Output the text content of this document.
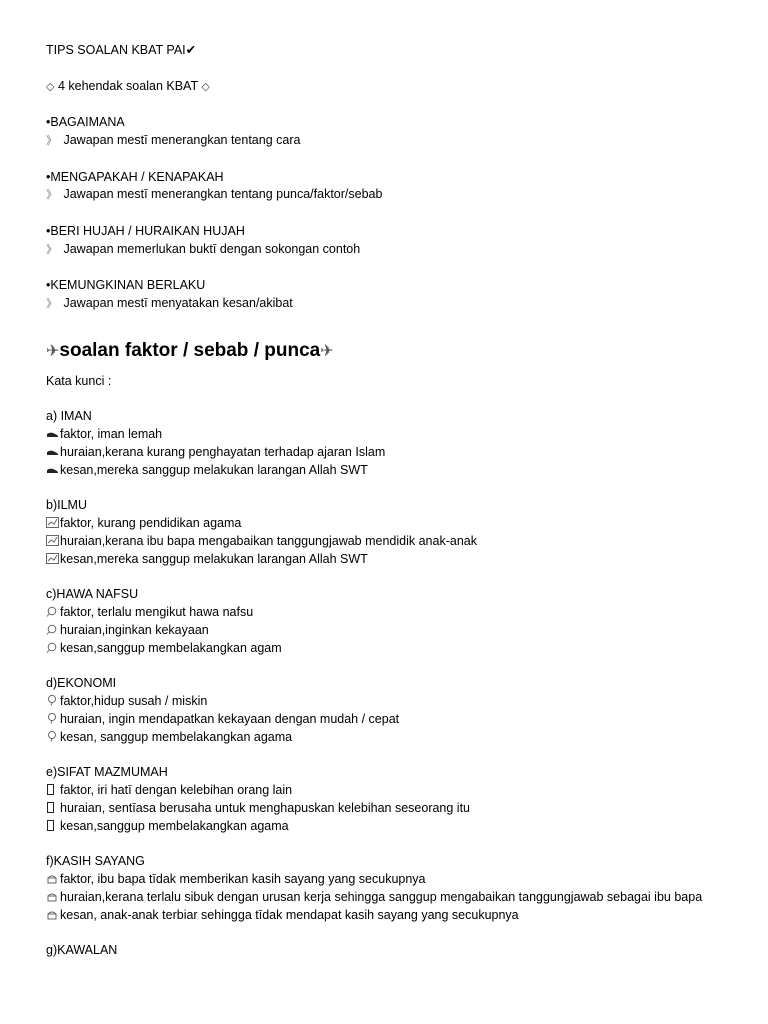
TIPS SOALAN KBAT PAI✔
◇ 4 kehendak soalan KBAT ◇
•BAGAIMANA
》 Jawapan mestī menerangkan tentang cara
•MENGAPAKAH / KENAPAKAH
》 Jawapan mestī menerangkan tentang punca/faktor/sebab
•BERI HUJAH / HURAIKAN HUJAH
》 Jawapan memerlukan buktī dengan sokongan contoh
•KEMUNGKINAN BERLAKU
》 Jawapan mestī menyatakan kesan/akibat
✈soalan faktor / sebab / punca✈
Kata kunci :
a) IMAN
faktor, iman lemah
huraian,kerana kurang penghayatan terhadap ajaran Islam
kesan,mereka sanggup melakukan larangan Allah SWT
b)ILMU
faktor, kurang pendidikan agama
huraian,kerana ibu bapa mengabaikan tanggungjawab mendidik anak-anak
kesan,mereka sanggup melakukan larangan Allah SWT
c)HAWA NAFSU
faktor, terlalu mengikut hawa nafsu
huraian,inginkan kekayaan
kesan,sanggup membelakangkan agam
d)EKONOMI
faktor,hidup susah / miskin
huraian, ingin mendapatkan kekayaan dengan mudah / cepat
kesan, sanggup membelakangkan agama
e)SIFAT MAZMUMAH
faktor, iri hatī dengan kelebihan orang lain
huraian, sentīasa berusaha untuk menghapuskan kelebihan seseorang itu
kesan,sanggup membelakangkan agama
f)KASIH SAYANG
faktor, ibu bapa tīdak memberikan kasih sayang yang secukupnya
huraian,kerana terlalu sibuk dengan urusan kerja sehingga sanggup mengabaikan tanggungjawab sebagai ibu bapa
kesan, anak-anak terbiar sehingga tīdak mendapat kasih sayang yang secukupnya
g)KAWALAN
